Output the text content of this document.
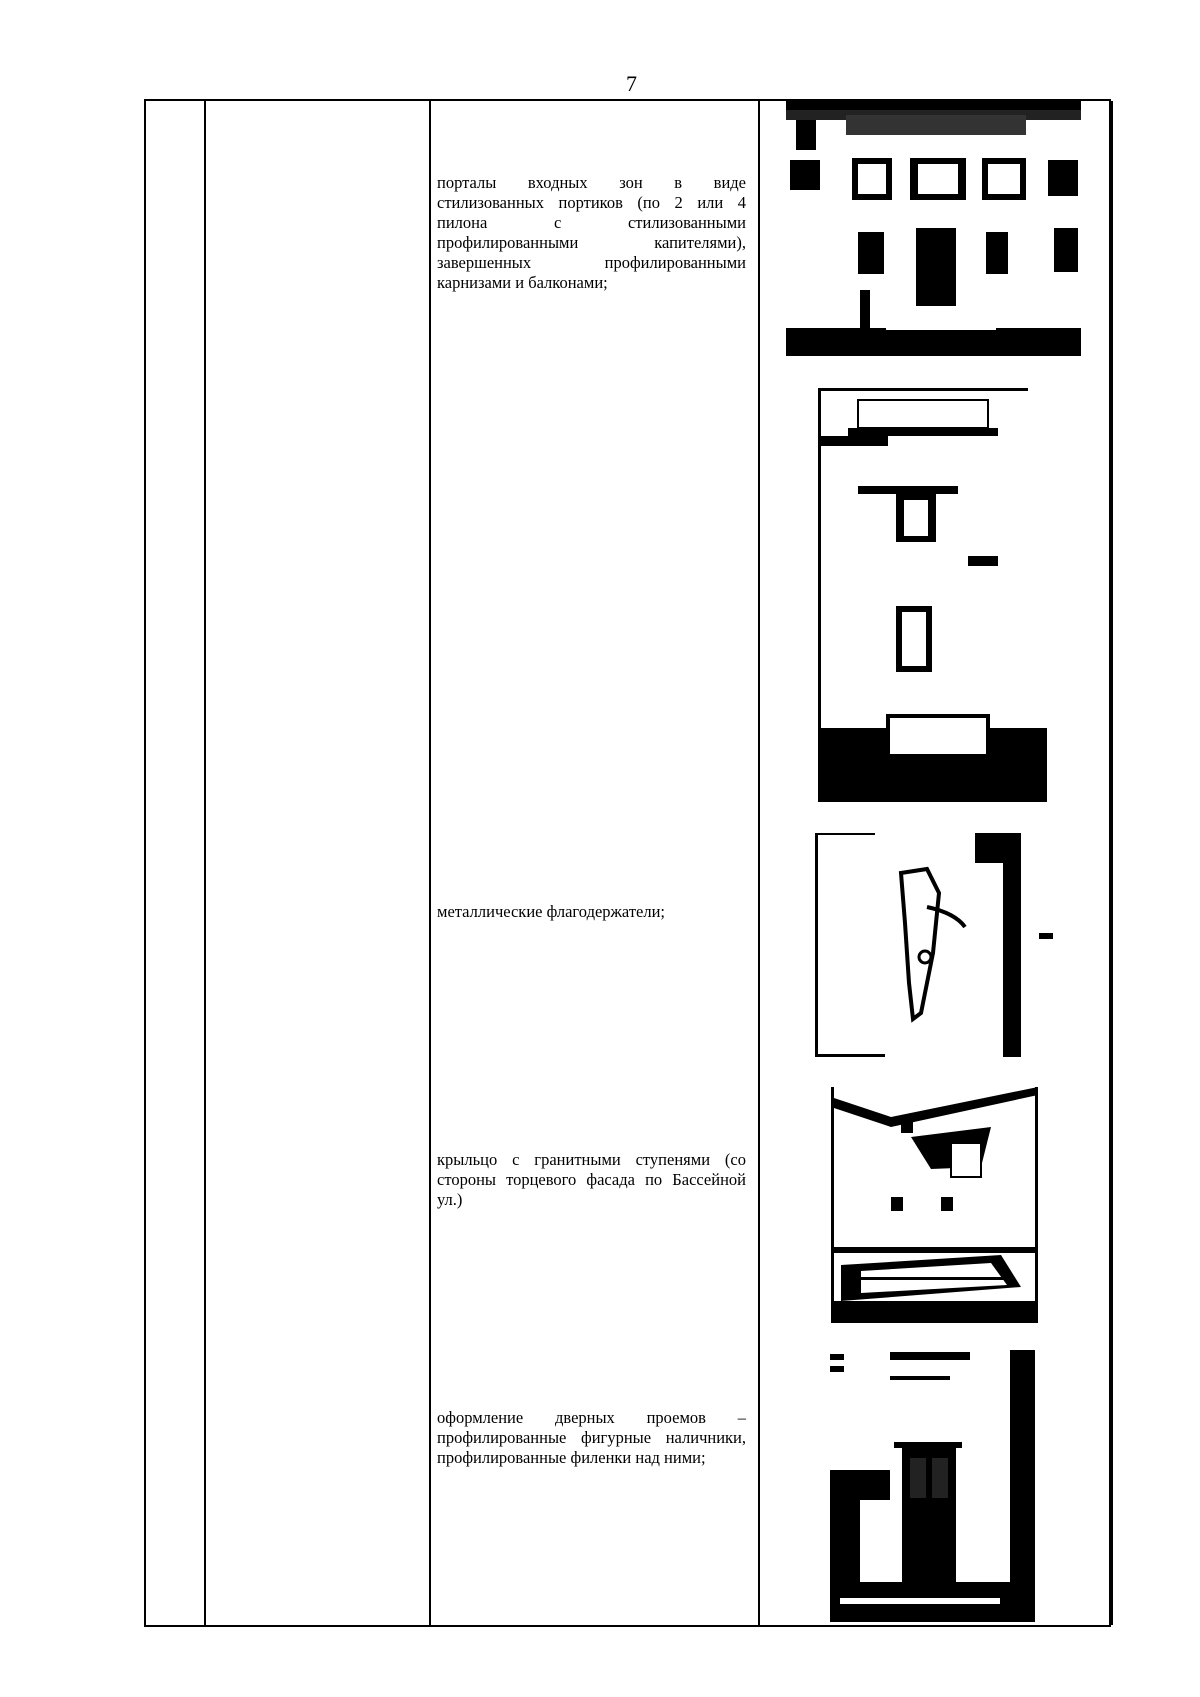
7
порталы входных зон в виде стилизованных портиков (по 2 или 4 пилона с стилизованными профилированными капителями), завершенных профилированными карнизами и балконами;
металлические флагодержатели;
крыльцо с гранитными ступенями (со стороны торцевого фасада по Бассейной ул.)
оформление дверных проемов – профилированные фигурные наличники, профилированные филенки над ними;
